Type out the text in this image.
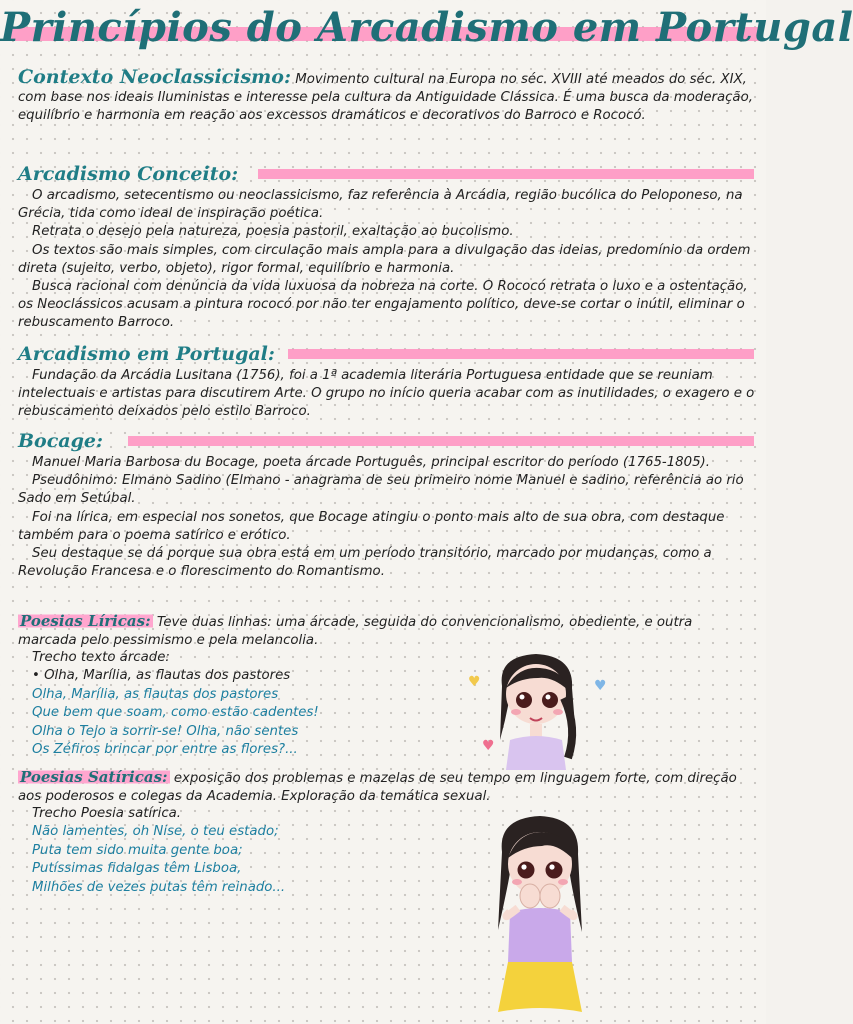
Princípios do Arcadismo em Portugal

Contexto Neoclassicismo: Movimento cultural na Europa no séc. XVIII até meados do séc. XIX, com base nos ideais Iluministas e interesse pela cultura da Antiguidade Clássica. É uma busca da moderação, equilíbrio e harmonia em reação aos excessos dramáticos e decorativos do Barroco e Rococó.

Arcadismo Conceito:

O arcadismo, setecentismo ou neoclassicismo, faz referência à Arcádia, região bucólica do Peloponeso, na Grécia, tida como ideal de inspiração poética.

Retrata o desejo pela natureza, poesia pastoril, exaltação ao bucolismo.

Os textos são mais simples, com circulação mais ampla para a divulgação das ideias, predomínio da ordem direta (sujeito, verbo, objeto), rigor formal, equilíbrio e harmonia.

Busca racional com denúncia da vida luxuosa da nobreza na corte. O Rococó retrata o luxo e a ostentação, os Neoclássicos acusam a pintura rococó por não ter engajamento político, deve-se cortar o inútil, eliminar o rebuscamento Barroco.

Arcadismo em Portugal:

Fundação da Arcádia Lusitana (1756), foi a 1ª academia literária Portuguesa entidade que se reuniam intelectuais e artistas para discutirem Arte. O grupo no início queria acabar com as inutilidades, o exagero e o rebuscamento deixados pelo estilo Barroco.

Bocage:

Manuel Maria Barbosa du Bocage, poeta árcade Português, principal escritor do período (1765-1805).

Pseudônimo: Elmano Sadino (Elmano - anagrama de seu primeiro nome Manuel e sadino, referência ao rio Sado em Setúbal.

Foi na lírica, em especial nos sonetos, que Bocage atingiu o ponto mais alto de sua obra, com destaque também para o poema satírico e erótico.

Seu destaque se dá porque sua obra está em um período transitório, marcado por mudanças, como a Revolução Francesa e o florescimento do Romantismo.

Poesias Líricas: Teve duas linhas: uma árcade, seguida do convencionalismo, obediente, e outra marcada pelo pessimismo e pela melancolia.

Trecho texto árcade:
• Olha, Marília, as flautas dos pastores
Olha, Marília, as flautas dos pastores
Que bem que soam, como estão cadentes!
Olha o Tejo a sorrir-se! Olha, não sentes
Os Zéfiros brincar por entre as flores?...

Poesias Satíricas: exposição dos problemas e mazelas de seu tempo em linguagem forte, com direção aos poderosos e colegas da Academia. Exploração da temática sexual.

Trecho Poesia satírica.
Não lamentes, oh Nise, o teu estado;
Puta tem sido muita gente boa;
Putíssimas fidalgas têm Lisboa,
Milhões de vezes putas têm reinado...
♥	♥
♥
